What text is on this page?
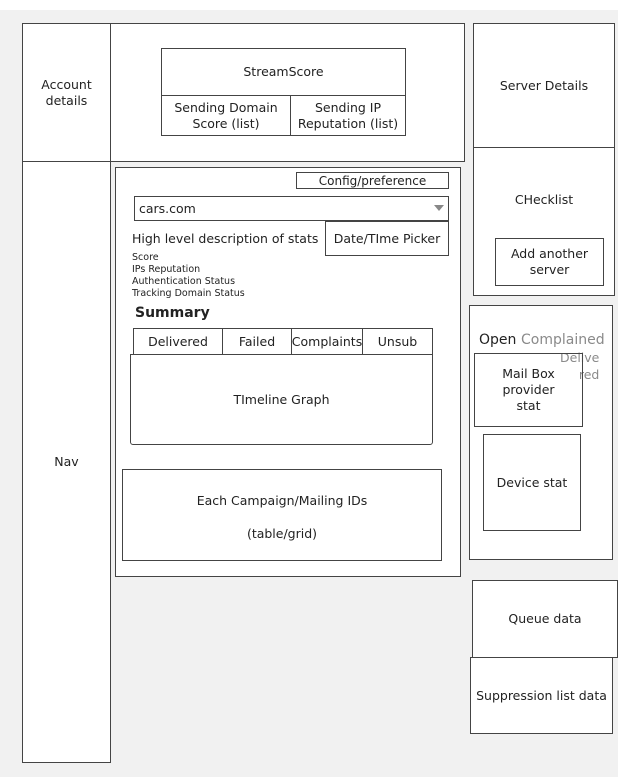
Account
details
Nav
StreamScore
Sending Domain
Score (list)
Sending IP
Reputation (list)
Config/preference
cars.com
High level description of stats	Date/TIme Picker
Score
IPs Reputation
Authentication Status
Tracking Domain Status
Summary
Delivered	Failed	Complaints	Unsub
TImeline Graph
Each Campaign/Mailing IDs
(table/grid)
Server Details
CHecklist
Add another
server
Open Complained
Delive
red
Mail Box provider
stat
Device stat
Queue data
Suppression list data
